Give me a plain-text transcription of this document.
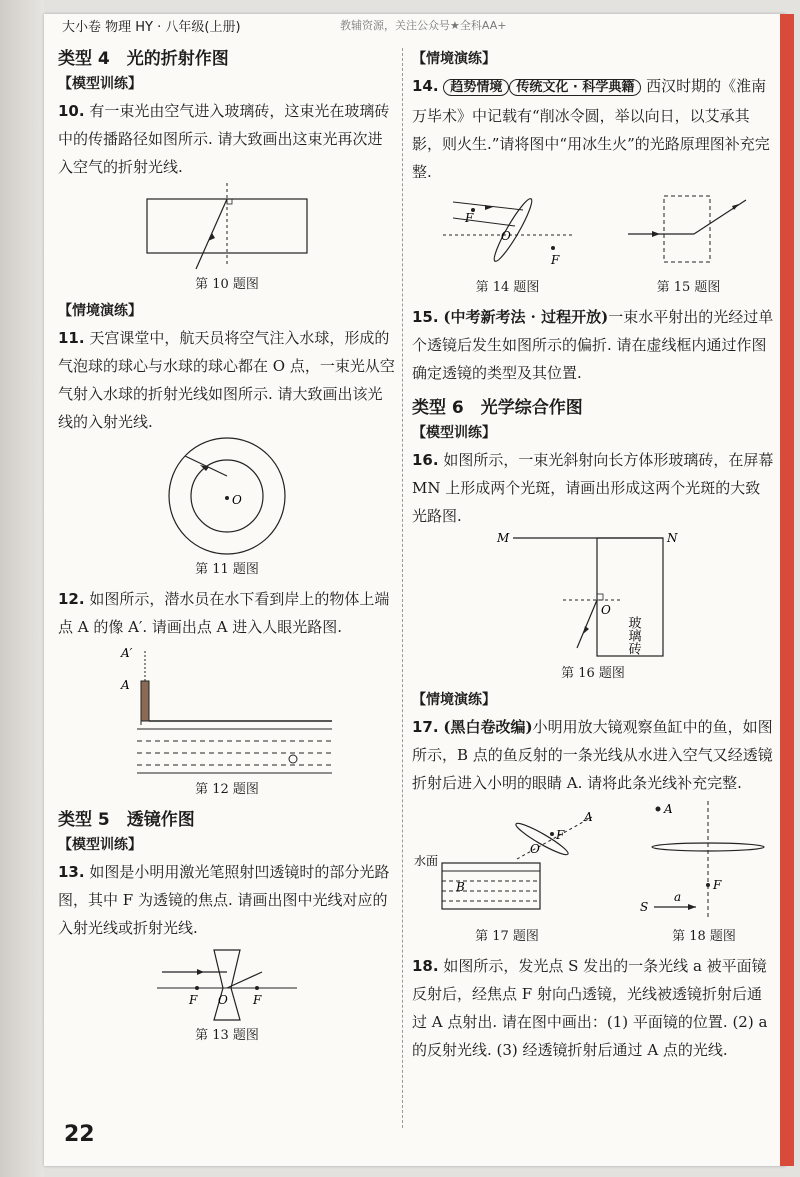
大小卷 物理 HY · 八年级(上册)	教辅资源，关注公众号★全科AA+
类型 4　光的折射作图
【模型训练】

10. 有一束光由空气进入玻璃砖，这束光在玻璃砖中的传播路径如图所示. 请大致画出这束光再次进入空气的折射光线.

第 10 题图
【情境演练】

11. 天宫课堂中，航天员将空气注入水球，形成的气泡球的球心与水球的球心都在 O 点，一束光从空气射入水球的折射光线如图所示. 请大致画出该光线的入射光线.

O
第 11 题图

12. 如图所示，潜水员在水下看到岸上的物体上端点 A 的像 A′. 请画出点 A 进入人眼光路图.

A′
A
第 12 题图
类型 5　透镜作图
【模型训练】

13. 如图是小明用激光笔照射凹透镜时的部分光路图，其中 F 为透镜的焦点. 请画出图中光线对应的入射光线或折射光线.

F O F
第 13 题图
【情境演练】

14. 趋势情境 传统文化 · 科学典籍 西汉时期的《淮南万毕术》中记载有“削冰令圆，举以向日，以艾承其影，则火生.”请将图中“用冰生火”的光路原理图补充完整.

F
O
F
第 14 题图	第 15 题图

15. (中考新考法 · 过程开放)一束水平射出的光经过单个透镜后发生如图所示的偏折. 请在虚线框内通过作图确定透镜的类型及其位置.

类型 6　光学综合作图
【模型训练】

16. 如图所示，一束光斜射向长方体形玻璃砖，在屏幕 MN 上形成两个光斑，请画出形成这两个光斑的大致光路图.

M	N
O
玻璃砖
第 16 题图
【情境演练】

17. (黑白卷改编)小明用放大镜观察鱼缸中的鱼，如图所示，B 点的鱼反射的一条光线从水进入空气又经透镜折射后进入小明的眼睛 A. 请将此条光线补充完整.

水面
B
F
O
A
第 17 题图
A
F
S
a
第 18 题图

18. 如图所示，发光点 S 发出的一条光线 a 被平面镜反射后，经焦点 F 射向凸透镜，光线被透镜折射后通过 A 点射出. 请在图中画出：(1) 平面镜的位置. (2) a 的反射光线. (3) 经透镜折射后通过 A 点的光线.

22
